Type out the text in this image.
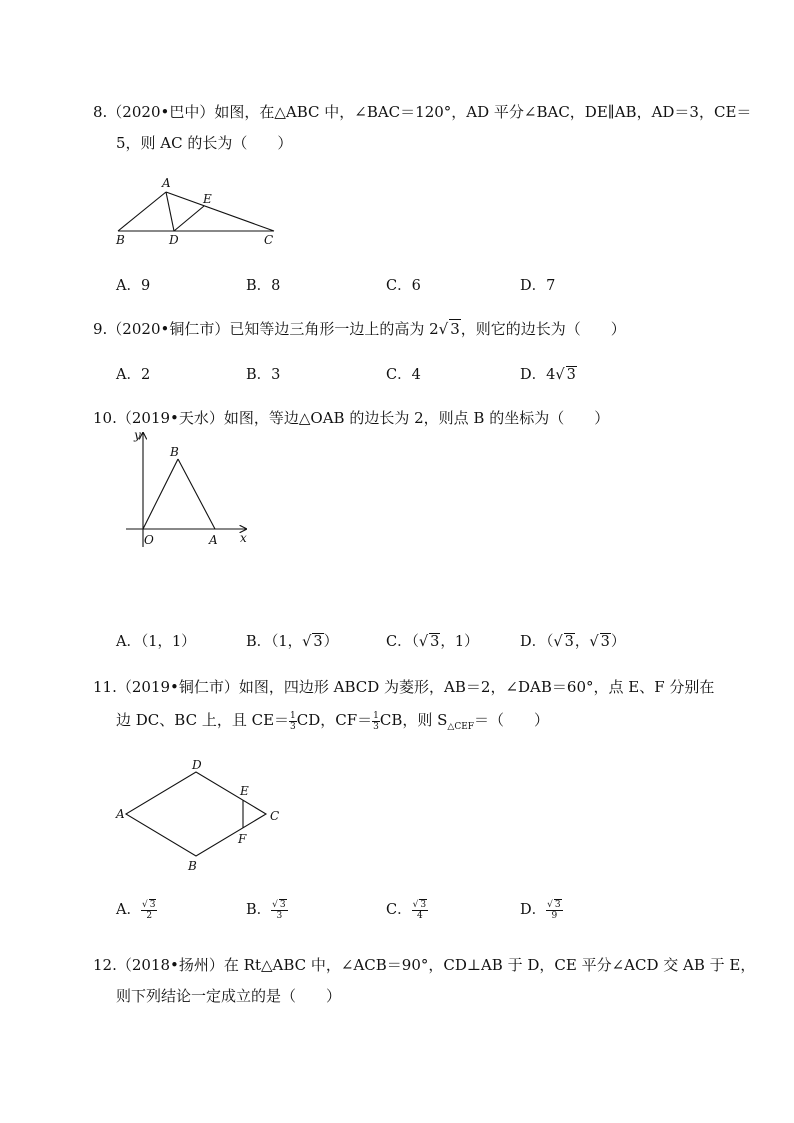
8.（2020•巴中）如图，在△ABC 中，∠BAC＝120°，AD 平分∠BAC，DE∥AB，AD＝3，CE＝
5，则 AC 的长为（　　）
A
B	C
D
E
A．9	B．8	C．6	D．7
9.（2020•铜仁市）已知等边三角形一边上的高为 2√ 3，则它的边长为（　　）
A．2	B．3	C．4	D．4√ 3
10.（2019•天水）如图，等边△OAB 的边长为 2，则点 B 的坐标为（　　）
y
x
O	A
B
A．（1，1）	B．（1，√ 3）	C．（√ 3，1）	D．（√ 3，√ 3）
11.（2019•铜仁市）如图，四边形 ABCD 为菱形，AB＝2，∠DAB＝60°，点 E、F 分别在
边 DC、BC 上，且 $CE= \frac{1}{3}$ CD，$CF= \frac{1}{3}$ CB，则 $S_{\triangle CEF}=$（　　）
A
D
C
B
E
F
A． $\frac{√ 3}{2}$	B． $\frac{√ 3}{3}$	C． $\frac{√ 3}{4}$	D． $\frac{√ 3}{9}$
12.（2018•扬州）在 Rt△ABC 中，∠ACB＝90°，CD⊥AB 于 D，CE 平分∠ACD 交 AB 于 E，
则下列结论一定成立的是（　　）
